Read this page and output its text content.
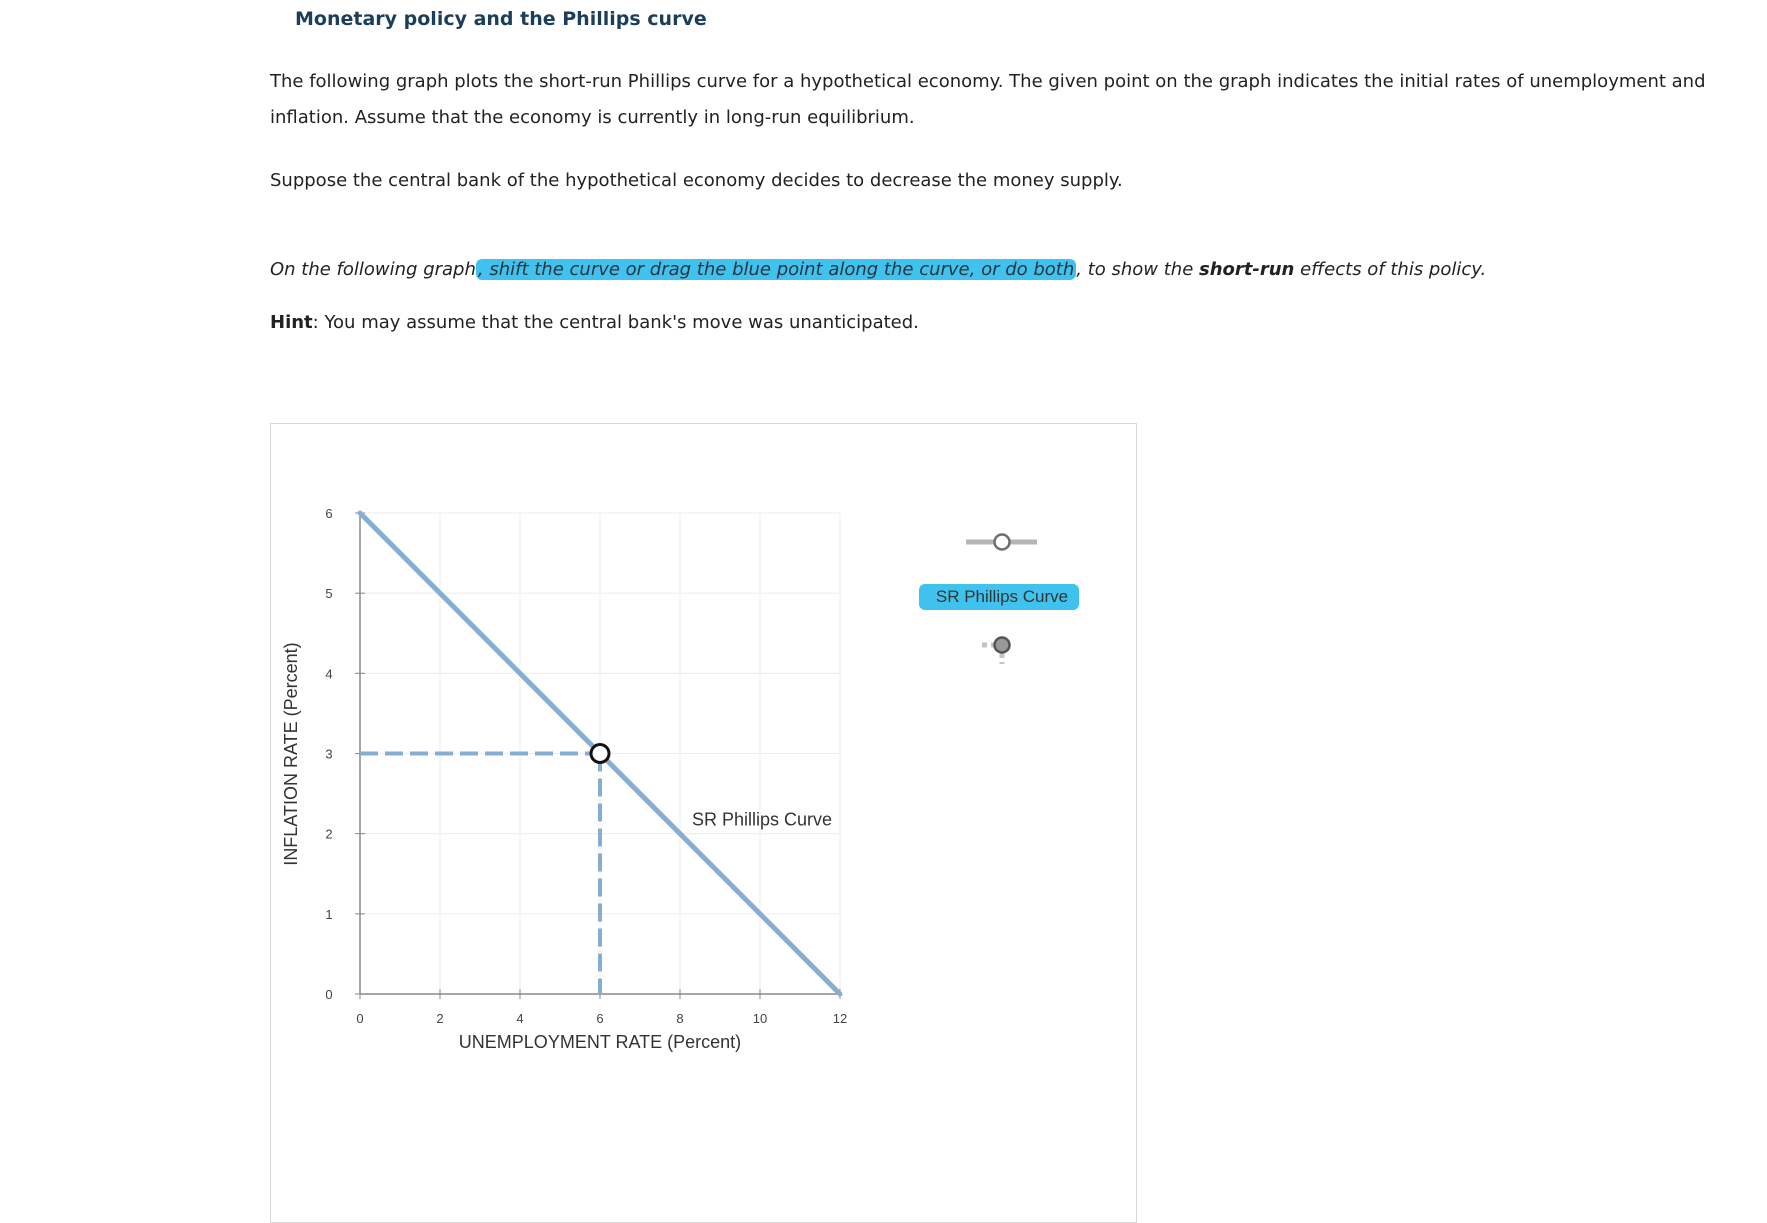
Monetary policy and the Phillips curve

The following graph plots the short-run Phillips curve for a hypothetical economy. The given point on the graph indicates the initial rates of unemployment and inflation. Assume that the economy is currently in long-run equilibrium.

Suppose the central bank of the hypothetical economy decides to decrease the money supply.

On the following graph , shift the curve or drag the blue point along the curve, or do both , to show the short-run effects of this policy.

Hint: You may assume that the central bank's move was unanticipated.

0	2	4	6	8	10	12
0
1
2
3
4
5
6
SR Phillips Curve
UNEMPLOYMENT RATE (Percent)
INFLATION RATE (Percent)
SR Phillips Curve
